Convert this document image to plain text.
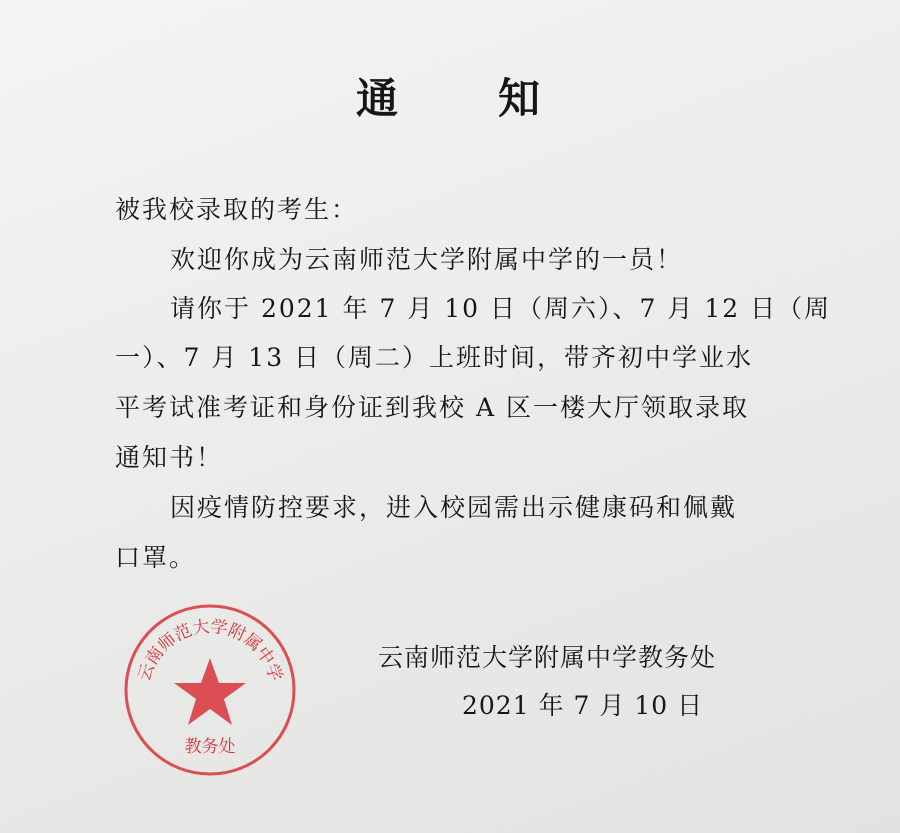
通 知
被我校录取的考生：
欢迎你成为云南师范大学附属中学的一员！
请你于 2021 年 7 月 10 日（周六）、7 月 12 日（周
一）、7 月 13 日（周二）上班时间，带齐初中学业水
平考试准考证和身份证到我校 A 区一楼大厅领取录取
通知书！
因疫情防控要求，进入校园需出示健康码和佩戴
口罩。
云南师范大学附属中学
教务处
云南师范大学附属中学教务处
2021 年 7 月 10 日
